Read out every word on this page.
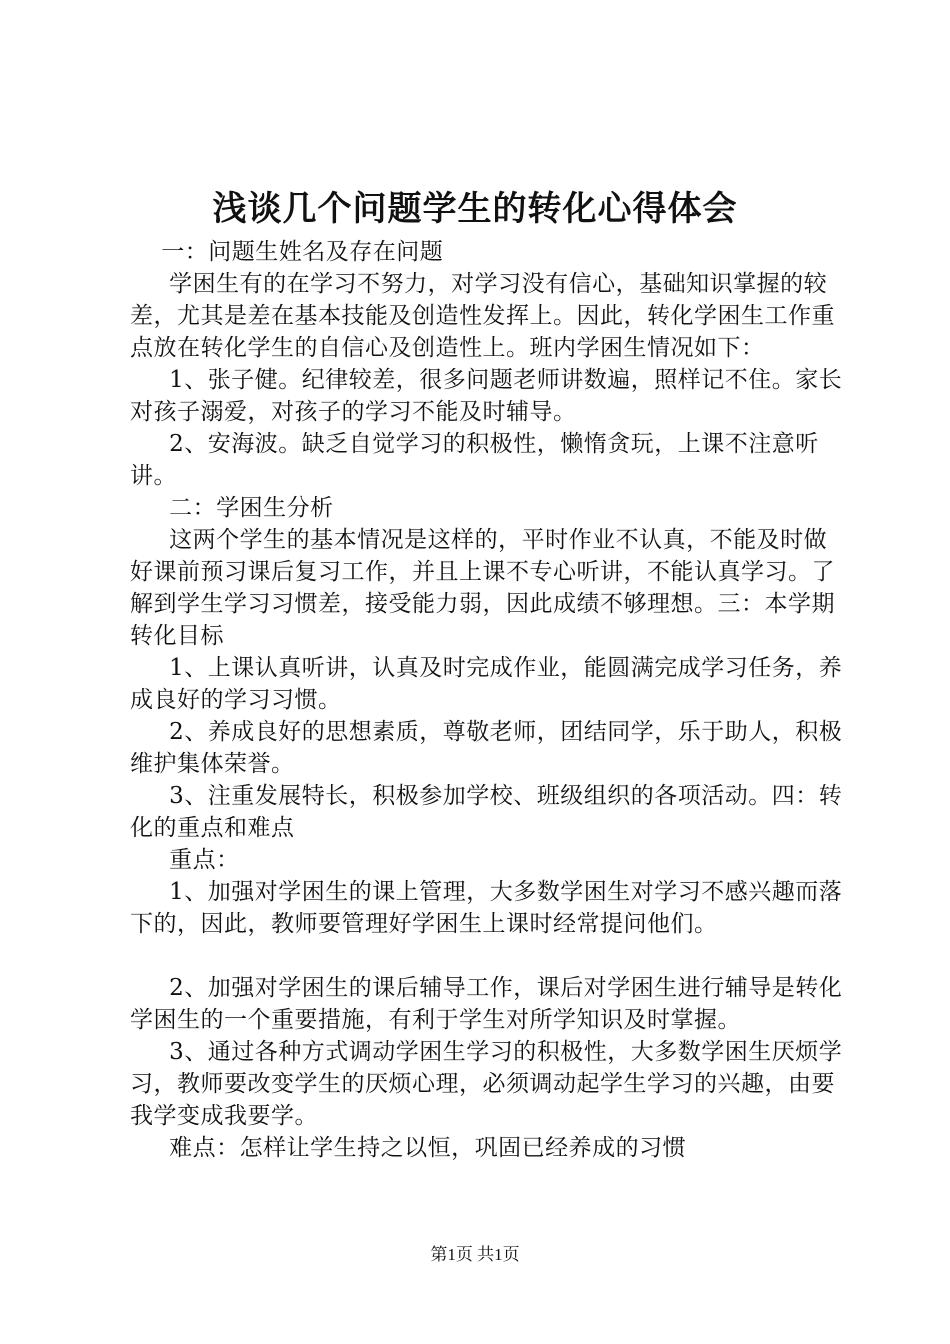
浅谈几个问题学生的转化心得体会

一：问题生姓名及存在问题

学困生有的在学习不努力，对学习没有信心，基础知识掌握的较差，尤其是差在基本技能及创造性发挥上。因此，转化学困生工作重点放在转化学生的自信心及创造性上。班内学困生情况如下：

1、张子健。纪律较差，很多问题老师讲数遍，照样记不住。家长对孩子溺爱，对孩子的学习不能及时辅导。

2、安海波。缺乏自觉学习的积极性，懒惰贪玩，上课不注意听讲。

二：学困生分析

这两个学生的基本情况是这样的，平时作业不认真，不能及时做好课前预习课后复习工作，并且上课不专心听讲，不能认真学习。了解到学生学习习惯差，接受能力弱，因此成绩不够理想。三：本学期转化目标

1、上课认真听讲，认真及时完成作业，能圆满完成学习任务，养成良好的学习习惯。

2、养成良好的思想素质，尊敬老师，团结同学，乐于助人，积极维护集体荣誉。

3、注重发展特长，积极参加学校、班级组织的各项活动。四：转化的重点和难点

重点：

1、加强对学困生的课上管理，大多数学困生对学习不感兴趣而落下的，因此，教师要管理好学困生上课时经常提问他们。

2、加强对学困生的课后辅导工作，课后对学困生进行辅导是转化学困生的一个重要措施，有利于学生对所学知识及时掌握。

3、通过各种方式调动学困生学习的积极性，大多数学困生厌烦学习，教师要改变学生的厌烦心理，必须调动起学生学习的兴趣，由要我学变成我要学。

难点：怎样让学生持之以恒，巩固已经养成的习惯

第1页 共1页
